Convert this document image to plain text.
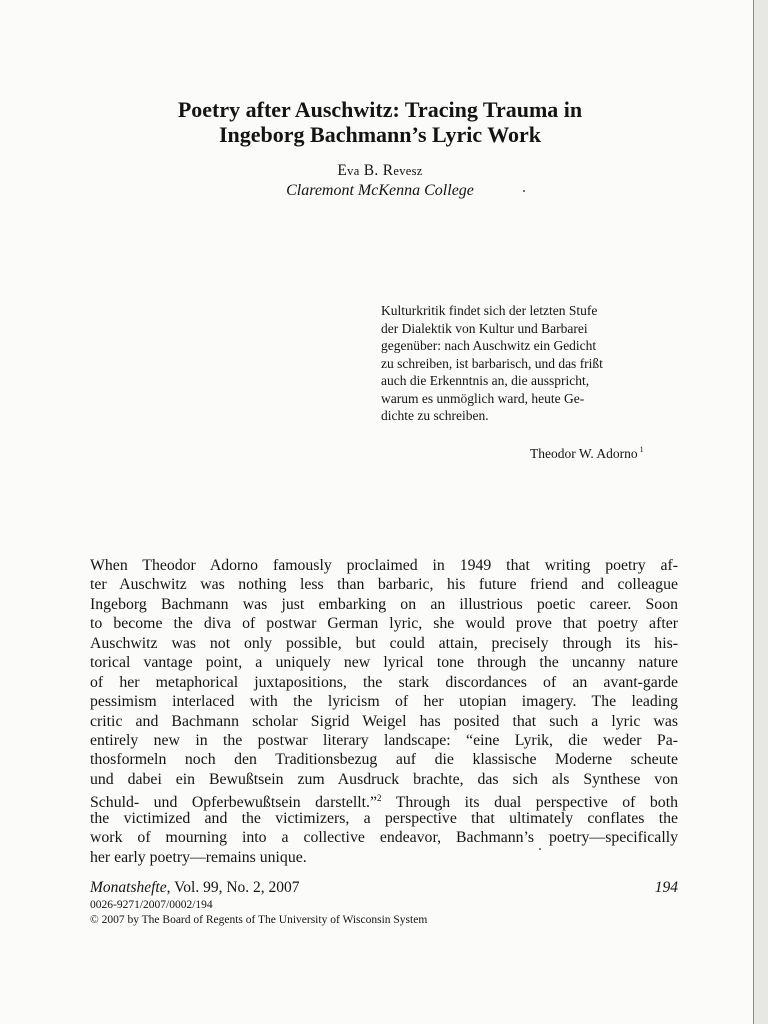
Poetry after Auschwitz: Tracing Trauma in
Ingeborg Bachmann’s Lyric Work
Eva B. Revesz
Claremont McKenna College
Kulturkritik findet sich der letzten Stufe
der Dialektik von Kultur und Barbarei
gegenüber: nach Auschwitz ein Gedicht
zu schreiben, ist barbarisch, und das frißt
auch die Erkenntnis an, die ausspricht,
warum es unmöglich ward, heute Ge-
dichte zu schreiben.
Theodor W. Adorno $^1$
When Theodor Adorno famously proclaimed in 1949 that writing poetry af-
ter Auschwitz was nothing less than barbaric, his future friend and colleague
Ingeborg Bachmann was just embarking on an illustrious poetic career. Soon
to become the diva of postwar German lyric, she would prove that poetry after
Auschwitz was not only possible, but could attain, precisely through its his-
torical vantage point, a uniquely new lyrical tone through the uncanny nature
of her metaphorical juxtapositions, the stark discordances of an avant-garde
pessimism interlaced with the lyricism of her utopian imagery. The leading
critic and Bachmann scholar Sigrid Weigel has posited that such a lyric was
entirely new in the postwar literary landscape: “eine Lyrik, die weder Pa-
thosformeln noch den Traditionsbezug auf die klassische Moderne scheute
und dabei ein Bewußtsein zum Ausdruck brachte, das sich als Synthese von
Schuld- und Opferbewußtsein darstellt.”$^2$ Through its dual perspective of both
the victimized and the victimizers, a perspective that ultimately conflates the
work of mourning into a collective endeavor, Bachmann’s poetry—specifically
her early poetry—remains unique.
Monatshefte, Vol. 99, No. 2, 2007	194
0026-9271/2007/0002/194
© 2007 by The Board of Regents of The University of Wisconsin System
